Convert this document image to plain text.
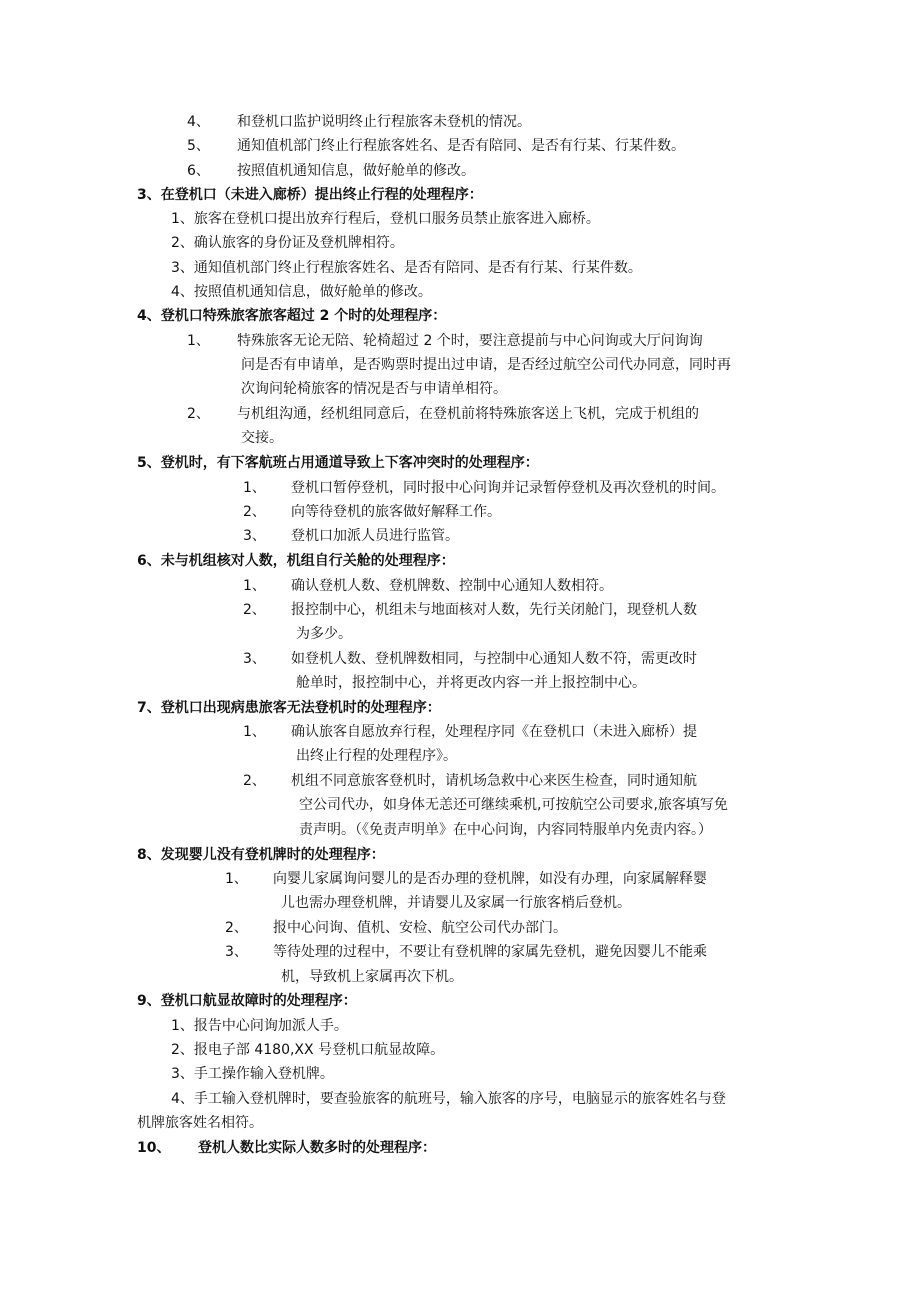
4、 和登机口监护说明终止行程旅客未登机的情况。
5、 通知值机部门终止行程旅客姓名、是否有陪同、是否有行某、行某件数。
6、 按照值机通知信息，做好舱单的修改。
3、在登机口（未进入廊桥）提出终止行程的处理程序：
1、旅客在登机口提出放弃行程后，登机口服务员禁止旅客进入廊桥。
2、确认旅客的身份证及登机牌相符。
3、通知值机部门终止行程旅客姓名、是否有陪同、是否有行某、行某件数。
4、按照值机通知信息，做好舱单的修改。
4、登机口特殊旅客旅客超过 2 个时的处理程序：
1、 特殊旅客无论无陪、轮椅超过 2 个时，要注意提前与中心问询或大厅问询询
问是否有申请单，是否购票时提出过申请，是否经过航空公司代办同意，同时再
次询问轮椅旅客的情况是否与申请单相符。
2、 与机组沟通，经机组同意后，在登机前将特殊旅客送上飞机，完成于机组的
交接。
5、登机时，有下客航班占用通道导致上下客冲突时的处理程序：
1、 登机口暂停登机，同时报中心问询并记录暂停登机及再次登机的时间。
2、 向等待登机的旅客做好解释工作。
3、 登机口加派人员进行监管。
6、未与机组核对人数，机组自行关舱的处理程序：
1、 确认登机人数、登机牌数、控制中心通知人数相符。
2、 报控制中心，机组未与地面核对人数，先行关闭舱门，现登机人数
为多少。
3、 如登机人数、登机牌数相同，与控制中心通知人数不符，需更改时
舱单时，报控制中心，并将更改内容一并上报控制中心。
7、登机口出现病患旅客无法登机时的处理程序：
1、 确认旅客自愿放弃行程，处理程序同《在登机口（未进入廊桥）提
出终止行程的处理程序》。
2、 机组不同意旅客登机时，请机场急救中心来医生检查，同时通知航
空公司代办，如身体无恙还可继续乘机,可按航空公司要求,旅客填写免
责声明。（《免责声明单》在中心问询，内容同特服单内免责内容。）
8、发现婴儿没有登机牌时的处理程序：
1、 向婴儿家属询问婴儿的是否办理的登机牌，如没有办理，向家属解释婴
儿也需办理登机牌，并请婴儿及家属一行旅客梢后登机。
2、 报中心问询、值机、安检、航空公司代办部门。
3、 等待处理的过程中，不要让有登机牌的家属先登机，避免因婴儿不能乘
机，导致机上家属再次下机。
9、登机口航显故障时的处理程序：
1、报告中心问询加派人手。
2、报电子部 4180,XX 号登机口航显故障。
3、手工操作输入登机牌。
4、手工输入登机牌时，要查验旅客的航班号，输入旅客的序号，电脑显示的旅客姓名与登
机牌旅客姓名相符。
10、 登机人数比实际人数多时的处理程序：
